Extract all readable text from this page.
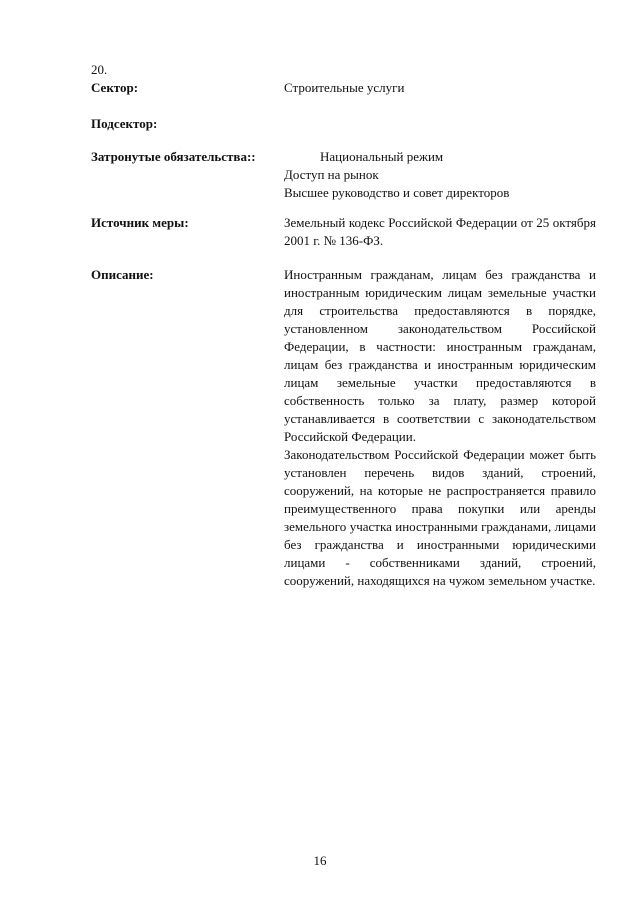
20.
Сектор:	Строительные услуги
Подсектор:
Затронутые обязательства::	Национальный режим
Доступ на рынок
Высшее руководство и совет директоров
Источник меры:	Земельный кодекс Российской Федерации от 25 октября 2001 г. № 136-ФЗ.
Описание:	Иностранным гражданам, лицам без гражданства и иностранным юридическим лицам земельные участки для строительства предоставляются в порядке, установленном законодательством Российской Федерации, в частности: иностранным гражданам, лицам без гражданства и иностранным юридическим лицам земельные участки предоставляются в собственность только за плату, размер которой устанавливается в соответствии с законодательством Российской Федерации.

Законодательством Российской Федерации может быть установлен перечень видов зданий, строений, сооружений, на которые не распространяется правило преимущественного права покупки или аренды земельного участка иностранными гражданами, лицами без гражданства и иностранными юридическими лицами - собственниками зданий, строений, сооружений, находящихся на чужом земельном участке.

16
